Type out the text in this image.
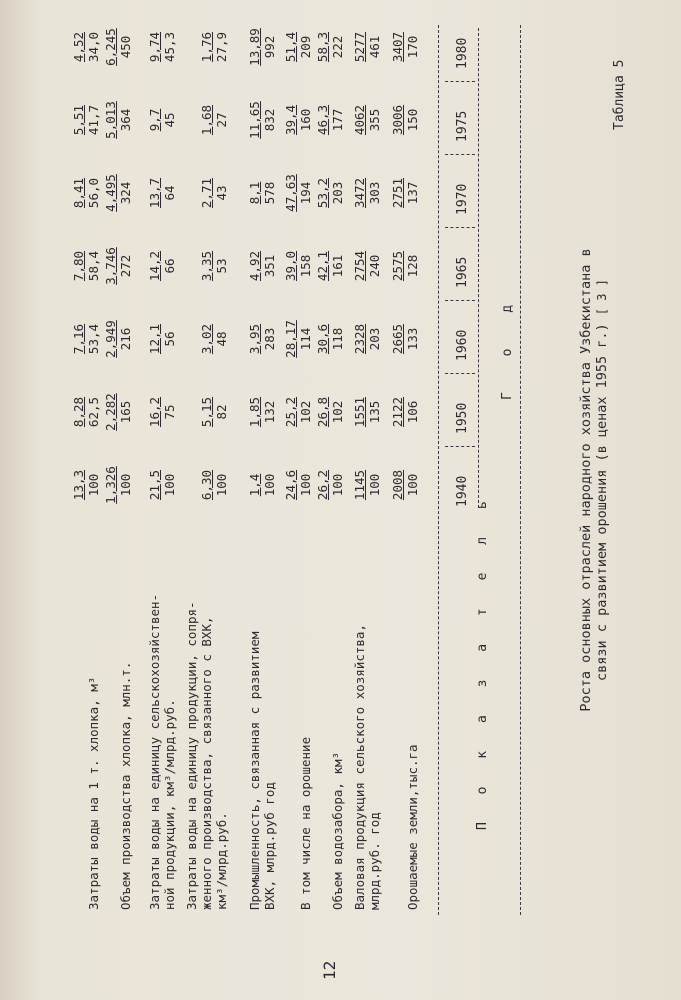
Таблица 5
Роста основных отраслей народного хозяйства Узбекистана в связи с развитием орошения (в ценах 1955 г.) [ 3 ]
Г о д
П о к а з а т е л ь
1940
1950
1960
1965
1970
1975
1980
Орошаемые земли,тыс.га
2008 100
2122 106
2665 133
2575 128
2751 137
3006 150
3407 170
Валовая продукция сельского хозяйства, млрд.руб. год
1145 100
1551 135
2328 203
2754 240
3472 303
4062 355
5277 461
Объем водозабора, км³
26,2 100
26,8 102
30,6 118
42,1 161
53,2 203
46,3 177
58,3 222
В том числе на орошение
24,6 100
25,2 102
28,17 114
39,0 158
47,63 194
39,4 160
51,4 209
Промышленность, связанная с развитием ВХК, млрд.руб год
1,4 100
1,85 132
3,95 283
4,92 351
8,1 578
11,65 832
13,89 992
Затраты воды на единицу продукции, сопря- женного производства, связанного с ВХК, км³/млрд.руб.
6,30 100
5,15 82
3,02 48
3,35 53
2,71 43
1,68 27
1,76 27,9
Затраты воды на единицу сельскохозяйствен- ной продукции, км³/млрд.руб.
21,5 100
16,2 75
12,1 56
14,2 66
13,7 64
9,7 45
9,74 45,3
Объем производства хлопка, млн.т.
1,326 100
2,282 165
2,949 216
3,746 272
4,495 324
5,013 364
6,245 450
Затраты воды на 1 т. хлопка, м³
13,3 100
8,28 62,5
7,16 53,4
7,80 58,4
8,41 56,0
5,51 41,7
4,52 34,0
12
